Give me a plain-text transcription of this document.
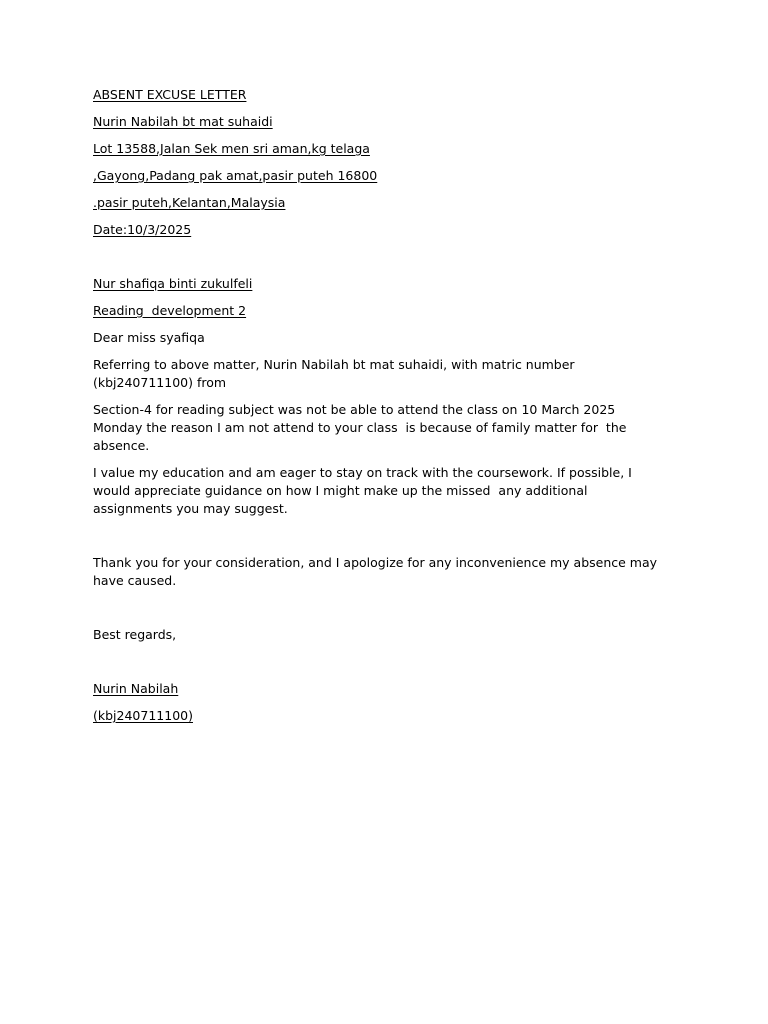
ABSENT EXCUSE LETTER

Nurin Nabilah bt mat suhaidi

Lot 13588,Jalan Sek men sri aman,kg telaga

,Gayong,Padang pak amat,pasir puteh 16800

.pasir puteh,Kelantan,Malaysia

Date:10/3/2025

Nur shafiqa binti zukulfeli

Reading  development 2

Dear miss syafiqa

Referring to above matter, Nurin Nabilah bt mat suhaidi, with matric number (kbj240711100) from

Section-4 for reading subject was not be able to attend the class on 10 March 2025 Monday the reason I am not attend to your class  is because of family matter for  the absence.

I value my education and am eager to stay on track with the coursework. If possible, I would appreciate guidance on how I might make up the missed  any additional assignments you may suggest.

Thank you for your consideration, and I apologize for any inconvenience my absence may have caused.

Best regards,

Nurin Nabilah

(kbj240711100)
